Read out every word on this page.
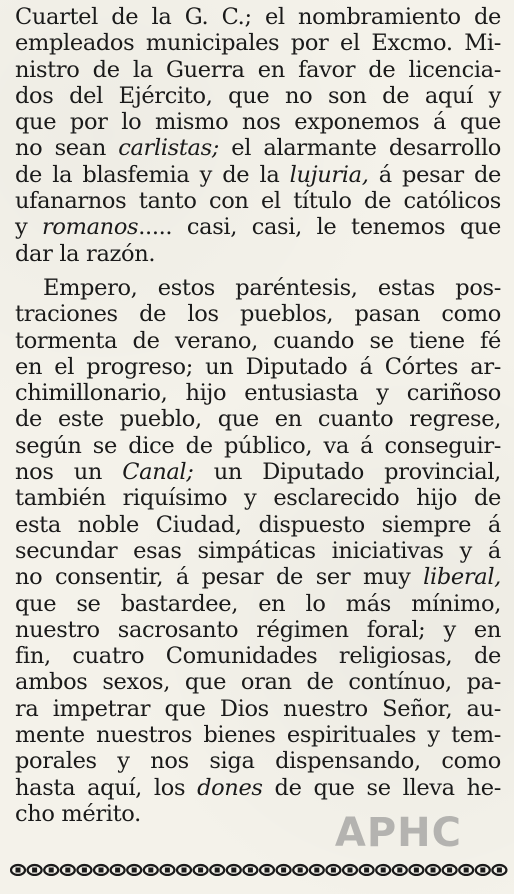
Cuartel de la G. C.; el nombramiento de
empleados municipales por el Excmo. Mi-
nistro de la Guerra en favor de licencia-
dos del Ejército, que no son de aquí y
que por lo mismo nos exponemos á que
no sean carlistas; el alarmante desarrollo
de la blasfemia y de la lujuria, á pesar de
ufanarnos tanto con el título de católicos
y romanos..... casi, casi, le tenemos que
dar la razón.
Empero, estos paréntesis, estas pos-
traciones de los pueblos, pasan como
tormenta de verano, cuando se tiene fé
en el progreso; un Diputado á Córtes ar-
chimillonario, hijo entusiasta y cariñoso
de este pueblo, que en cuanto regrese,
según se dice de público, va á conseguir-
nos un Canal; un Diputado provincial,
también riquísimo y esclarecido hijo de
esta noble Ciudad, dispuesto siempre á
secundar esas simpáticas iniciativas y á
no consentir, á pesar de ser muy liberal,
que se bastardee, en lo más mínimo,
nuestro sacrosanto régimen foral; y en
fin, cuatro Comunidades religiosas, de
ambos sexos, que oran de contínuo, pa-
ra impetrar que Dios nuestro Señor, au-
mente nuestros bienes espirituales y tem-
porales y nos siga dispensando, como
hasta aquí, los dones de que se lleva he-
cho mérito.	APHC
